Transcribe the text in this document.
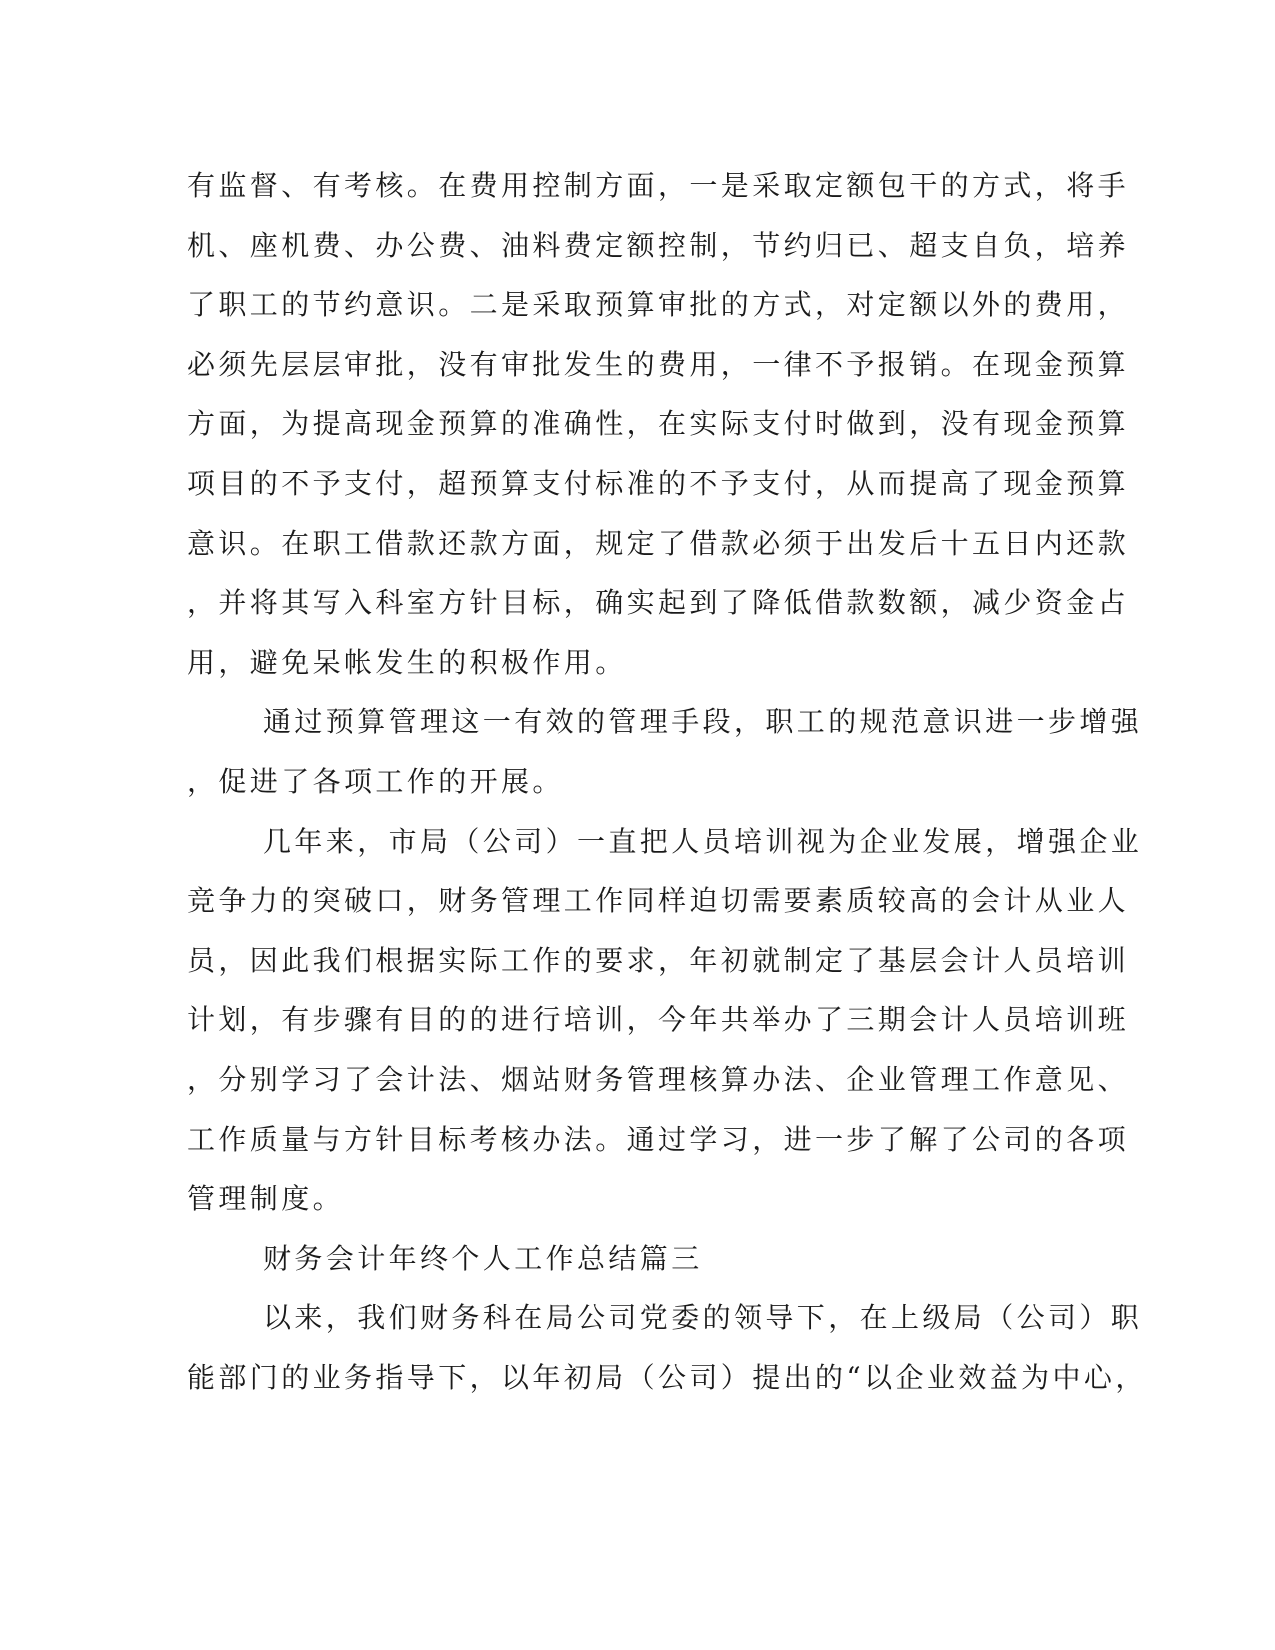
有监督、有考核。在费用控制方面，一是采取定额包干的方式，将手
机、座机费、办公费、油料费定额控制，节约归已、超支自负，培养
了职工的节约意识。二是采取预算审批的方式，对定额以外的费用，
必须先层层审批，没有审批发生的费用，一律不予报销。在现金预算
方面，为提高现金预算的准确性，在实际支付时做到，没有现金预算
项目的不予支付，超预算支付标准的不予支付，从而提高了现金预算
意识。在职工借款还款方面，规定了借款必须于出发后十五日内还款
，并将其写入科室方针目标，确实起到了降低借款数额，减少资金占
用，避免呆帐发生的积极作用。
通过预算管理这一有效的管理手段，职工的规范意识进一步增强
，促进了各项工作的开展。
几年来，市局（公司）一直把人员培训视为企业发展，增强企业
竞争力的突破口，财务管理工作同样迫切需要素质较高的会计从业人
员，因此我们根据实际工作的要求，年初就制定了基层会计人员培训
计划，有步骤有目的的进行培训，今年共举办了三期会计人员培训班
，分别学习了会计法、烟站财务管理核算办法、企业管理工作意见、
工作质量与方针目标考核办法。通过学习，进一步了解了公司的各项
管理制度。
财务会计年终个人工作总结篇三
以来，我们财务科在局公司党委的领导下，在上级局（公司）职
能部门的业务指导下，以年初局（公司）提出的“以企业效益为中心，
